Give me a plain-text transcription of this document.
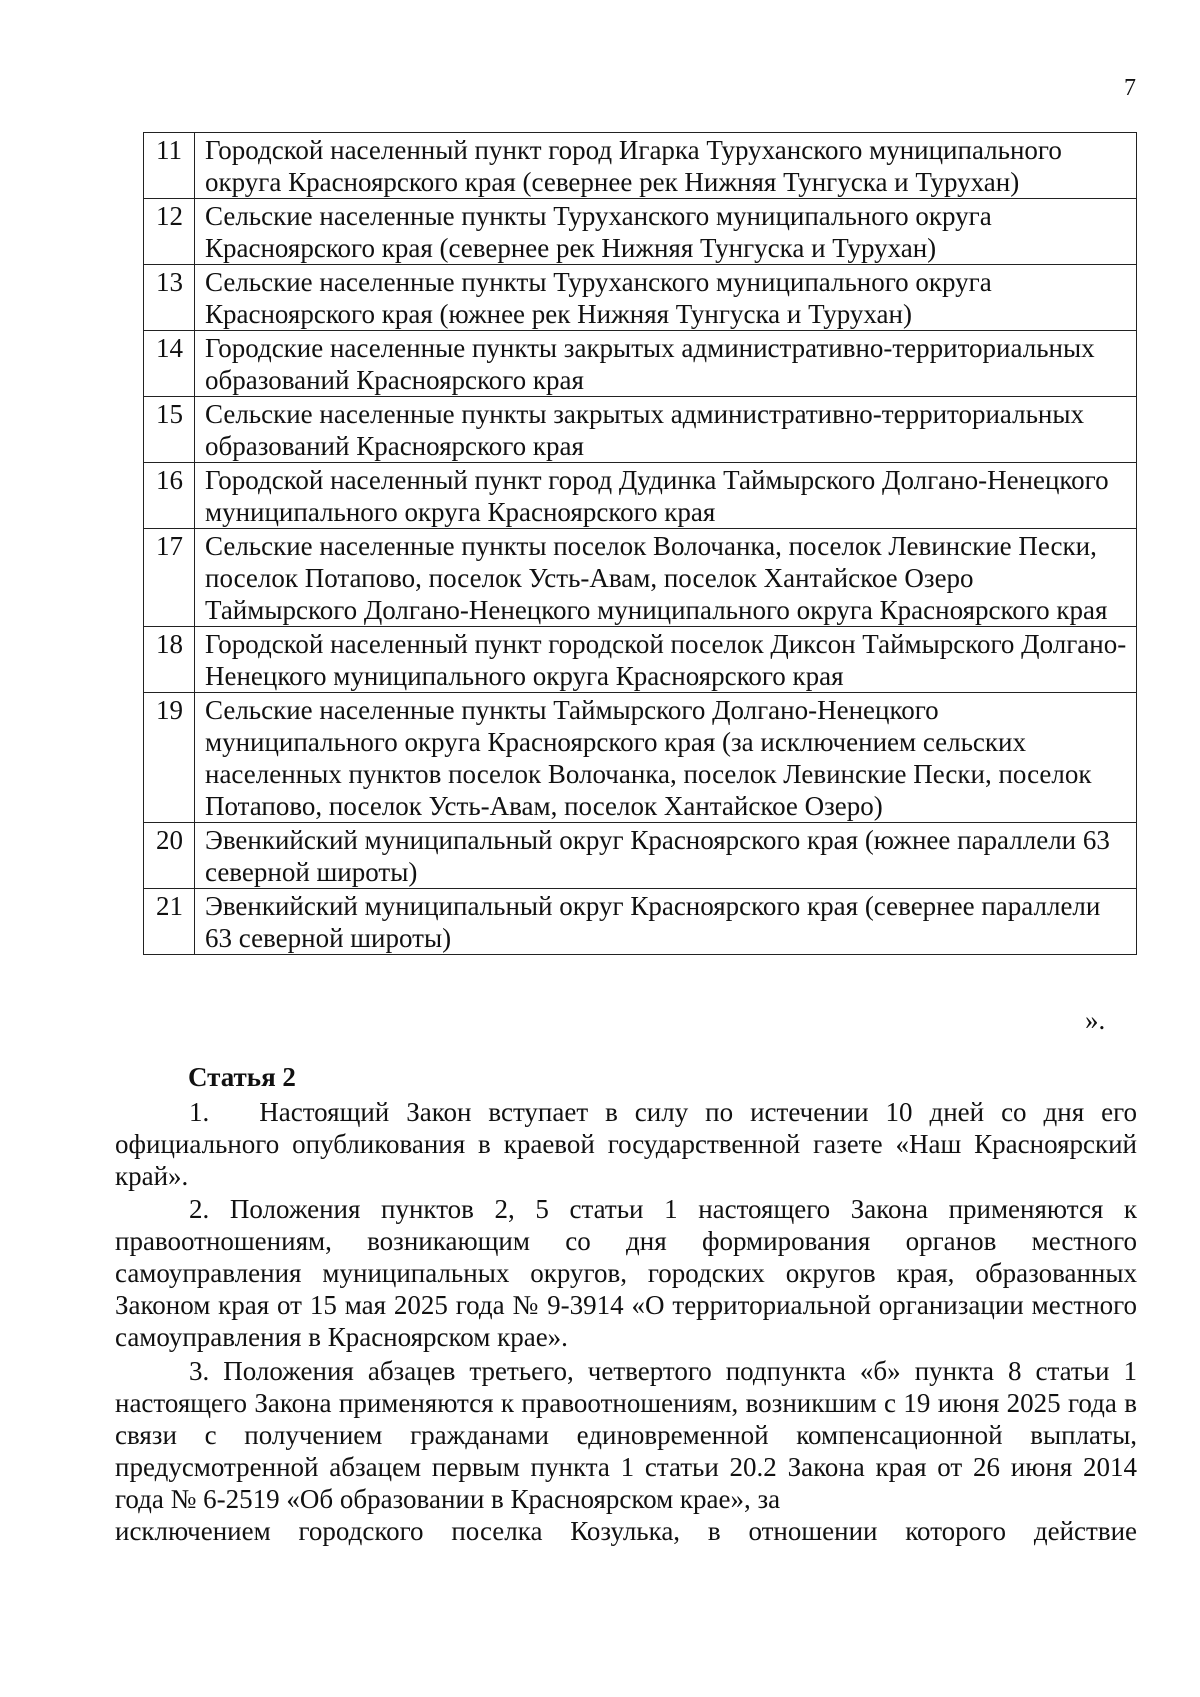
7
11	Городской населенный пункт город Игарка Туруханского муниципального округа Красноярского края (севернее рек Нижняя Тунгуска и Турухан)
12	Сельские населенные пункты Туруханского муниципального округа Красноярского края (севернее рек Нижняя Тунгуска и Турухан)
13	Сельские населенные пункты Туруханского муниципального округа Красноярского края (южнее рек Нижняя Тунгуска и Турухан)
14	Городские населенные пункты закрытых административно-территориальных образований Красноярского края
15	Сельские населенные пункты закрытых административно-территориальных образований Красноярского края
16	Городской населенный пункт город Дудинка Таймырского Долгано-Ненецкого муниципального округа Красноярского края
17	Сельские населенные пункты поселок Волочанка, поселок Левинские Пески, поселок Потапово, поселок Усть-Авам, поселок Хантайское Озеро Таймырского Долгано-Ненецкого муниципального округа Красноярского края
18	Городской населенный пункт городской поселок Диксон Таймырского Долгано-Ненецкого муниципального округа Красноярского края
19	Сельские населенные пункты Таймырского Долгано-Ненецкого муниципального округа Красноярского края (за исключением сельских населенных пунктов поселок Волочанка, поселок Левинские Пески, поселок Потапово, поселок Усть-Авам, поселок Хантайское Озеро)
20	Эвенкийский муниципальный округ Красноярского края (южнее параллели 63 северной широты)
21	Эвенкийский муниципальный округ Красноярского края (севернее параллели 63 северной широты)
».
Статья 2

1. Настоящий Закон вступает в силу по истечении 10 дней со дня его официального опубликования в краевой государственной газете «Наш Красноярский край».

2. Положения пунктов 2, 5 статьи 1 настоящего Закона применяются к правоотношениям, возникающим со дня формирования органов местного самоуправления муниципальных округов, городских округов края, образованных Законом края от 15 мая 2025 года № 9-3914 «О территориальной организации местного самоуправления в Красноярском крае».

3. Положения абзацев третьего, четвертого подпункта «б» пункта 8 статьи 1 настоящего Закона применяются к правоотношениям, возникшим с 19 июня 2025 года в связи с получением гражданами единовременной компенсационной выплаты, предусмотренной абзацем первым пункта 1 статьи 20.2 Закона края от 26 июня 2014 года № 6-2519 «Об образовании в Красноярском крае», за
исключением городского поселка Козулька, в отношении которого действие
